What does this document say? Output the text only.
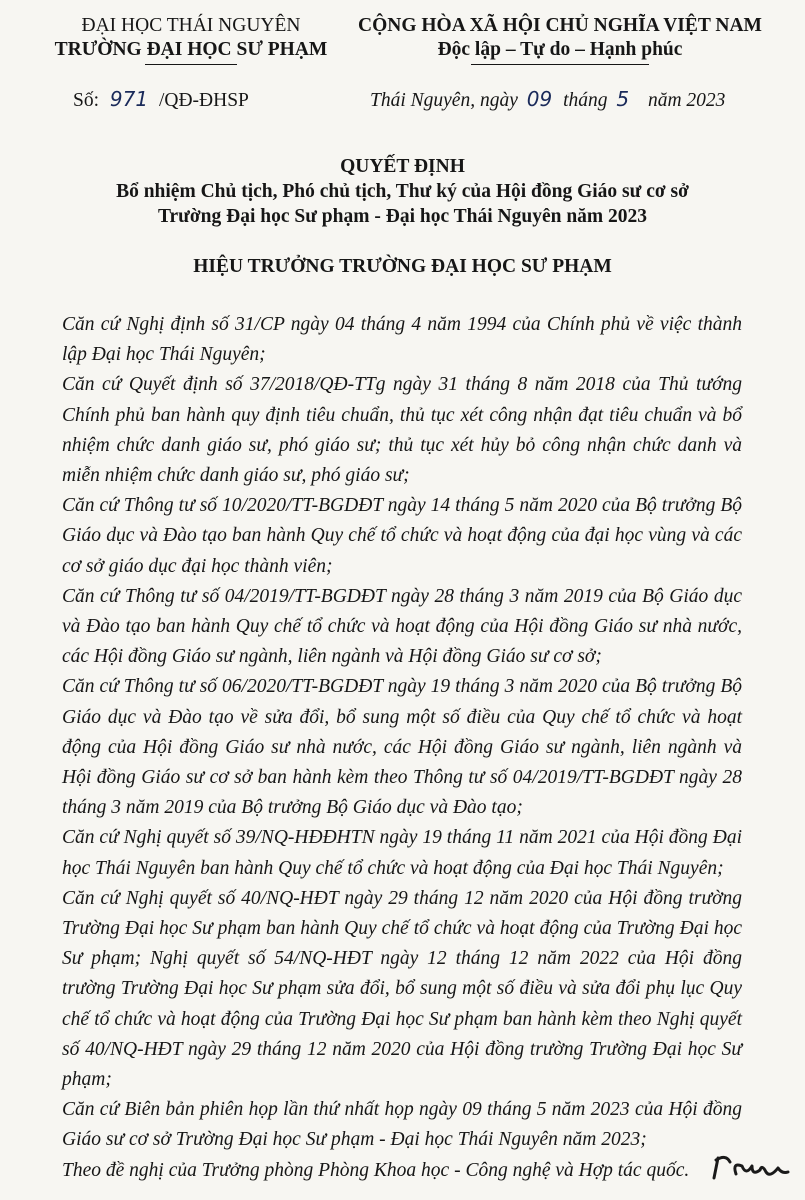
ĐẠI HỌC THÁI NGUYÊN
TRƯỜNG ĐẠI HỌC SƯ PHẠM
CỘNG HÒA XÃ HỘI CHỦ NGHĨA VIỆT NAM
Độc lập – Tự do – Hạnh phúc
Số: 971 /QĐ-ĐHSP	Thái Nguyên, ngày 09 tháng 5 năm 2023
QUYẾT ĐỊNH
Bổ nhiệm Chủ tịch, Phó chủ tịch, Thư ký của Hội đồng Giáo sư cơ sở
Trường Đại học Sư phạm - Đại học Thái Nguyên năm 2023
HIỆU TRƯỞNG TRƯỜNG ĐẠI HỌC SƯ PHẠM

Căn cứ Nghị định số 31/CP ngày 04 tháng 4 năm 1994 của Chính phủ về việc thành lập Đại học Thái Nguyên;

Căn cứ Quyết định số 37/2018/QĐ-TTg ngày 31 tháng 8 năm 2018 của Thủ tướng Chính phủ ban hành quy định tiêu chuẩn, thủ tục xét công nhận đạt tiêu chuẩn và bổ nhiệm chức danh giáo sư, phó giáo sư; thủ tục xét hủy bỏ công nhận chức danh và miễn nhiệm chức danh giáo sư, phó giáo sư;

Căn cứ Thông tư số 10/2020/TT-BGDĐT ngày 14 tháng 5 năm 2020 của Bộ trưởng Bộ Giáo dục và Đào tạo ban hành Quy chế tổ chức và hoạt động của đại học vùng và các cơ sở giáo dục đại học thành viên;

Căn cứ Thông tư số 04/2019/TT-BGDĐT ngày 28 tháng 3 năm 2019 của Bộ Giáo dục và Đào tạo ban hành Quy chế tổ chức và hoạt động của Hội đồng Giáo sư nhà nước, các Hội đồng Giáo sư ngành, liên ngành và Hội đồng Giáo sư cơ sở;

Căn cứ Thông tư số 06/2020/TT-BGDĐT ngày 19 tháng 3 năm 2020 của Bộ trưởng Bộ Giáo dục và Đào tạo về sửa đổi, bổ sung một số điều của Quy chế tổ chức và hoạt động của Hội đồng Giáo sư nhà nước, các Hội đồng Giáo sư ngành, liên ngành và Hội đồng Giáo sư cơ sở ban hành kèm theo Thông tư số 04/2019/TT-BGDĐT ngày 28 tháng 3 năm 2019 của Bộ trưởng Bộ Giáo dục và Đào tạo;

Căn cứ Nghị quyết số 39/NQ-HĐĐHTN ngày 19 tháng 11 năm 2021 của Hội đồng Đại học Thái Nguyên ban hành Quy chế tổ chức và hoạt động của Đại học Thái Nguyên;

Căn cứ Nghị quyết số 40/NQ-HĐT ngày 29 tháng 12 năm 2020 của Hội đồng trường Trường Đại học Sư phạm ban hành Quy chế tổ chức và hoạt động của Trường Đại học Sư phạm; Nghị quyết số 54/NQ-HĐT ngày 12 tháng 12 năm 2022 của Hội đồng trường Trường Đại học Sư phạm sửa đổi, bổ sung một số điều và sửa đổi phụ lục Quy chế tổ chức và hoạt động của Trường Đại học Sư phạm ban hành kèm theo Nghị quyết số 40/NQ-HĐT ngày 29 tháng 12 năm 2020 của Hội đồng trường Trường Đại học Sư phạm;

Căn cứ Biên bản phiên họp lần thứ nhất họp ngày 09 tháng 5 năm 2023 của Hội đồng Giáo sư cơ sở Trường Đại học Sư phạm - Đại học Thái Nguyên năm 2023;

Theo đề nghị của Trưởng phòng Phòng Khoa học - Công nghệ và Hợp tác quốc.
